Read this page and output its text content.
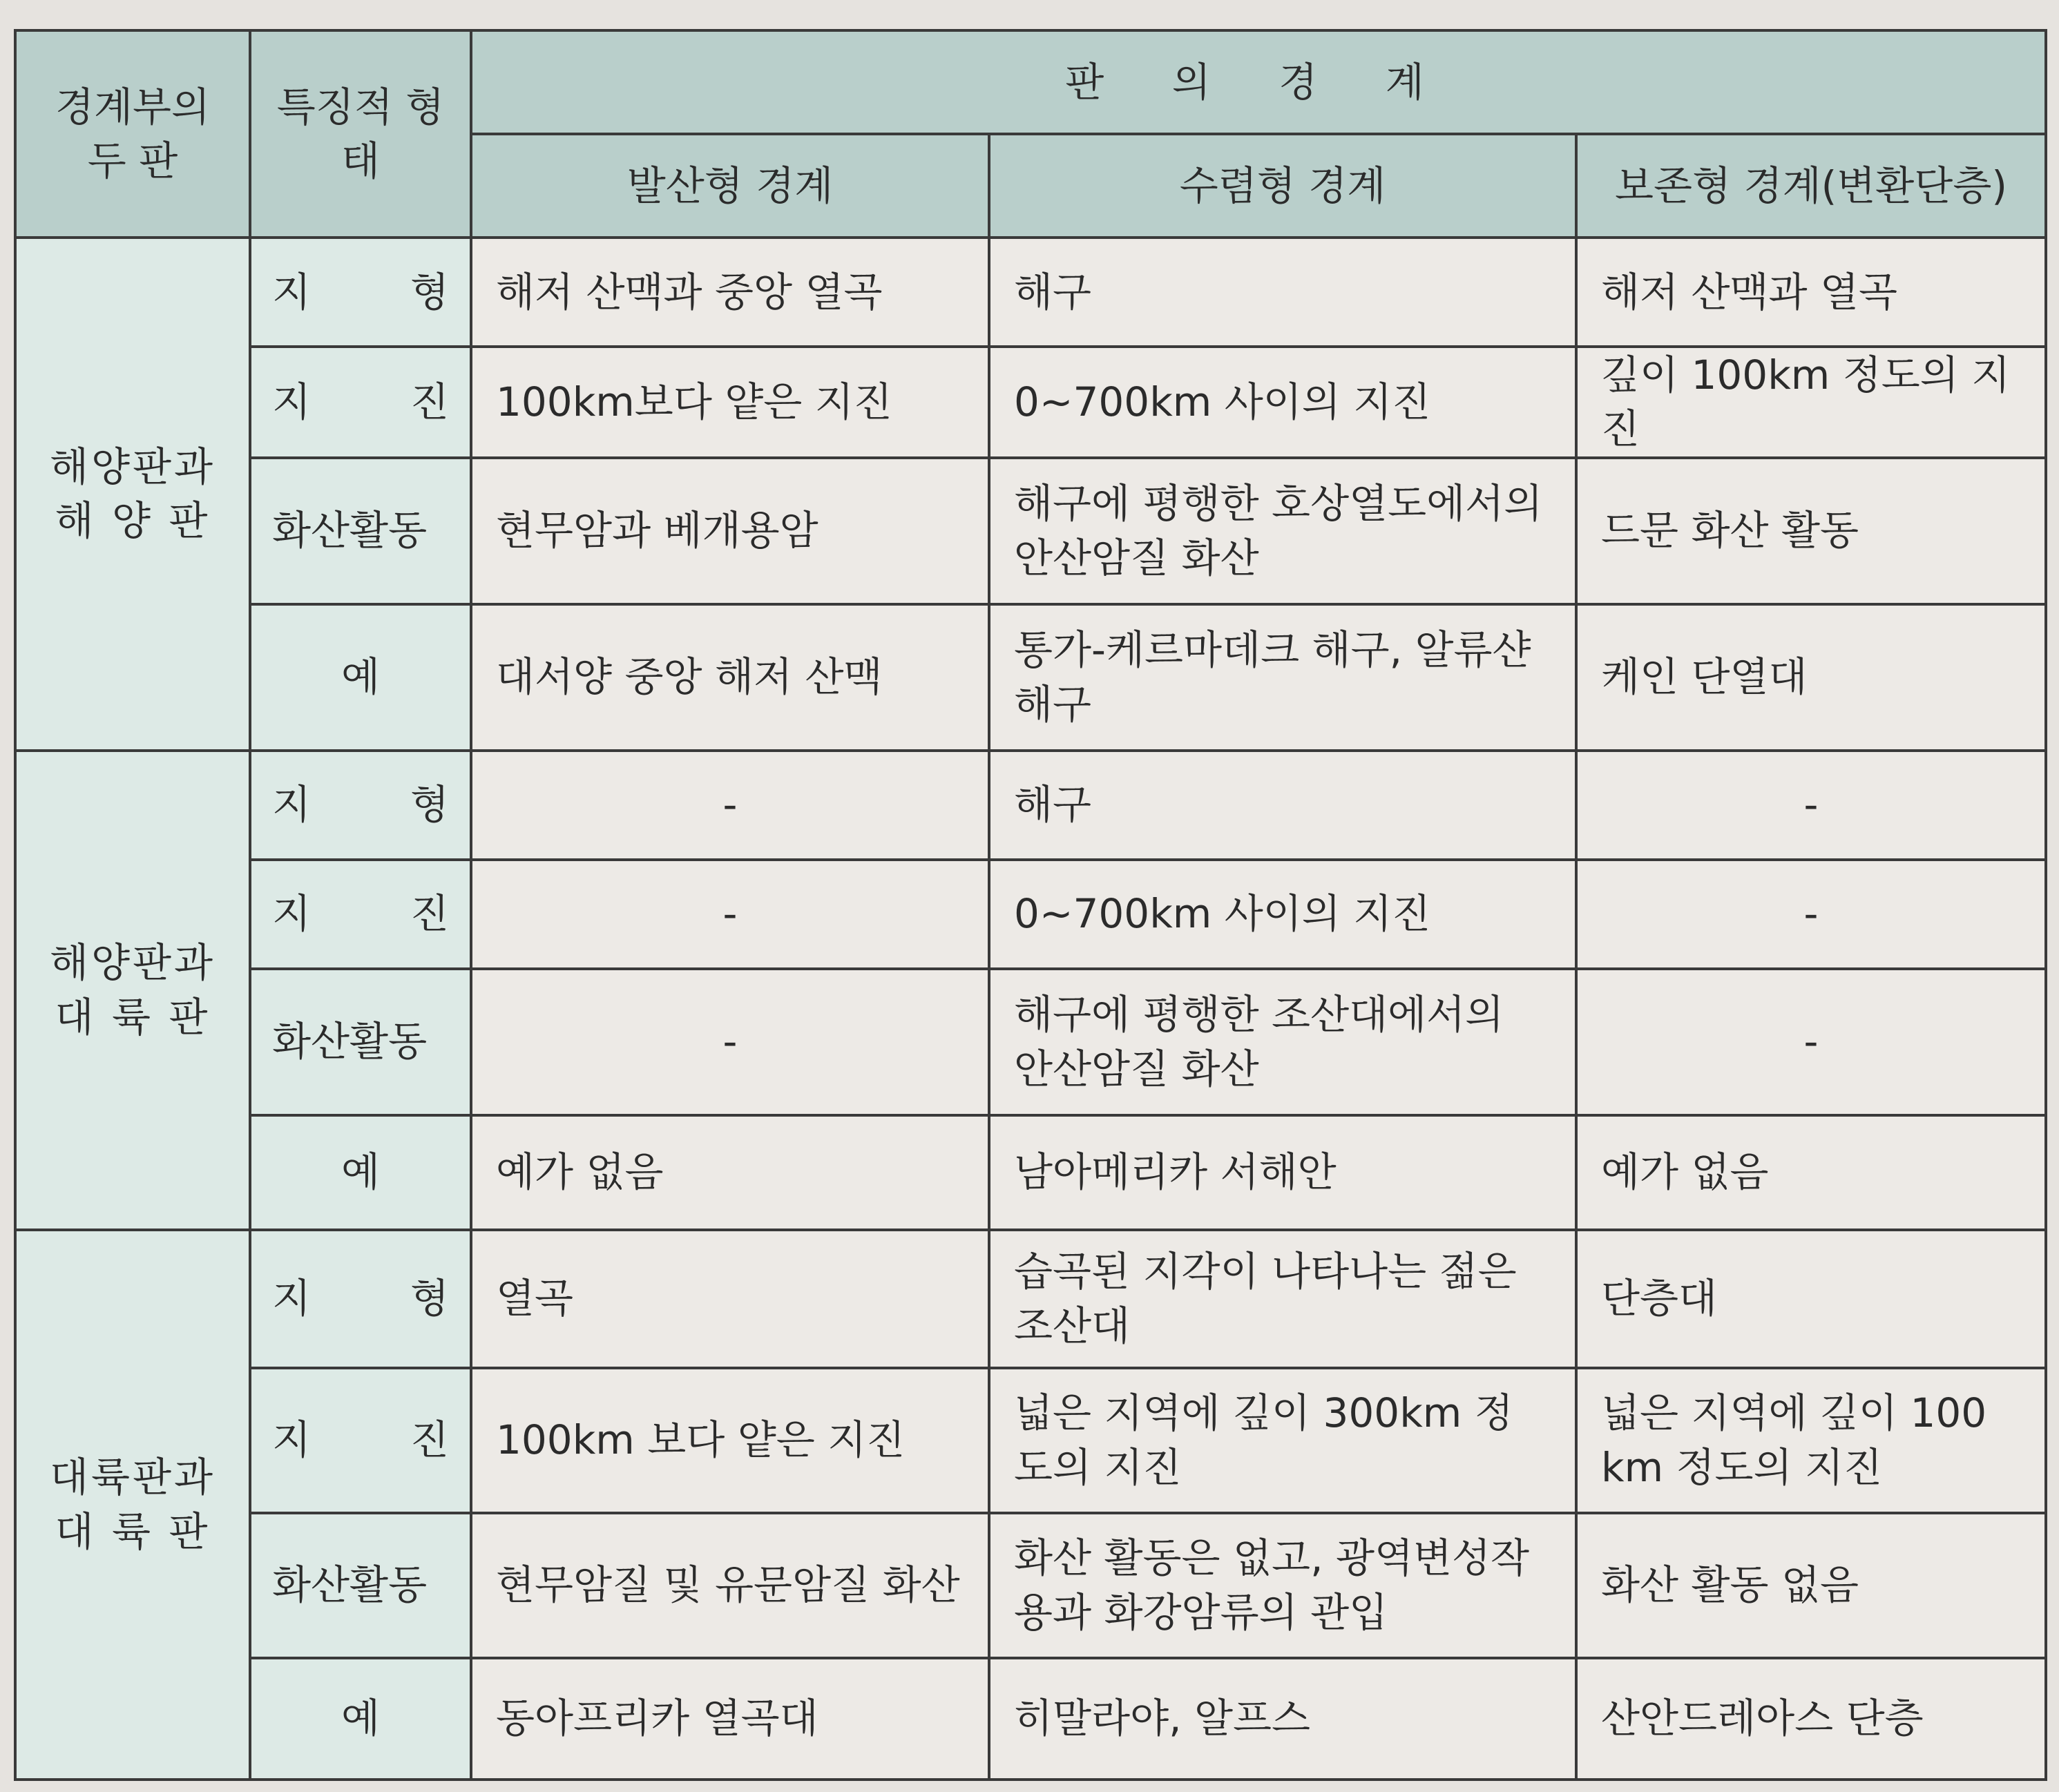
경계부의 두 판	특징적 형 태	판 의 경 계		
		발산형 경계	수렴형 경계	보존형 경계(변환단층)
해양판과 해 양 판	지 형	해저 산맥과 중앙 열곡	해구	해저 산맥과 열곡
	지 진	100km보다 얕은 지진	0~700km 사이의 지진	깊이 100km 정도의 지진
	화산활동	현무암과 베개용암	해구에 평행한 호상열도에서의 안산암질 화산	드문 화산 활동
	예	대서양 중앙 해저 산맥	통가-케르마데크 해구, 알류샨 해구	케인 단열대
해양판과 대 륙 판	지 형	-	해구	-
	지 진	-	0~700km 사이의 지진	-
	화산활동	-	해구에 평행한 조산대에서의 안산암질 화산	-
	예	예가 없음	남아메리카 서해안	예가 없음
대륙판과 대 륙 판	지 형	열곡	습곡된 지각이 나타나는 젊은 조산대	단층대
	지 진	100km 보다 얕은 지진	넓은 지역에 깊이 300km 정도의 지진	넓은 지역에 깊이 100 km 정도의 지진
	화산활동	현무암질 및 유문암질 화산	화산 활동은 없고, 광역변성작용과 화강암류의 관입	화산 활동 없음
	예	동아프리카 열곡대	히말라야, 알프스	산안드레아스 단층
